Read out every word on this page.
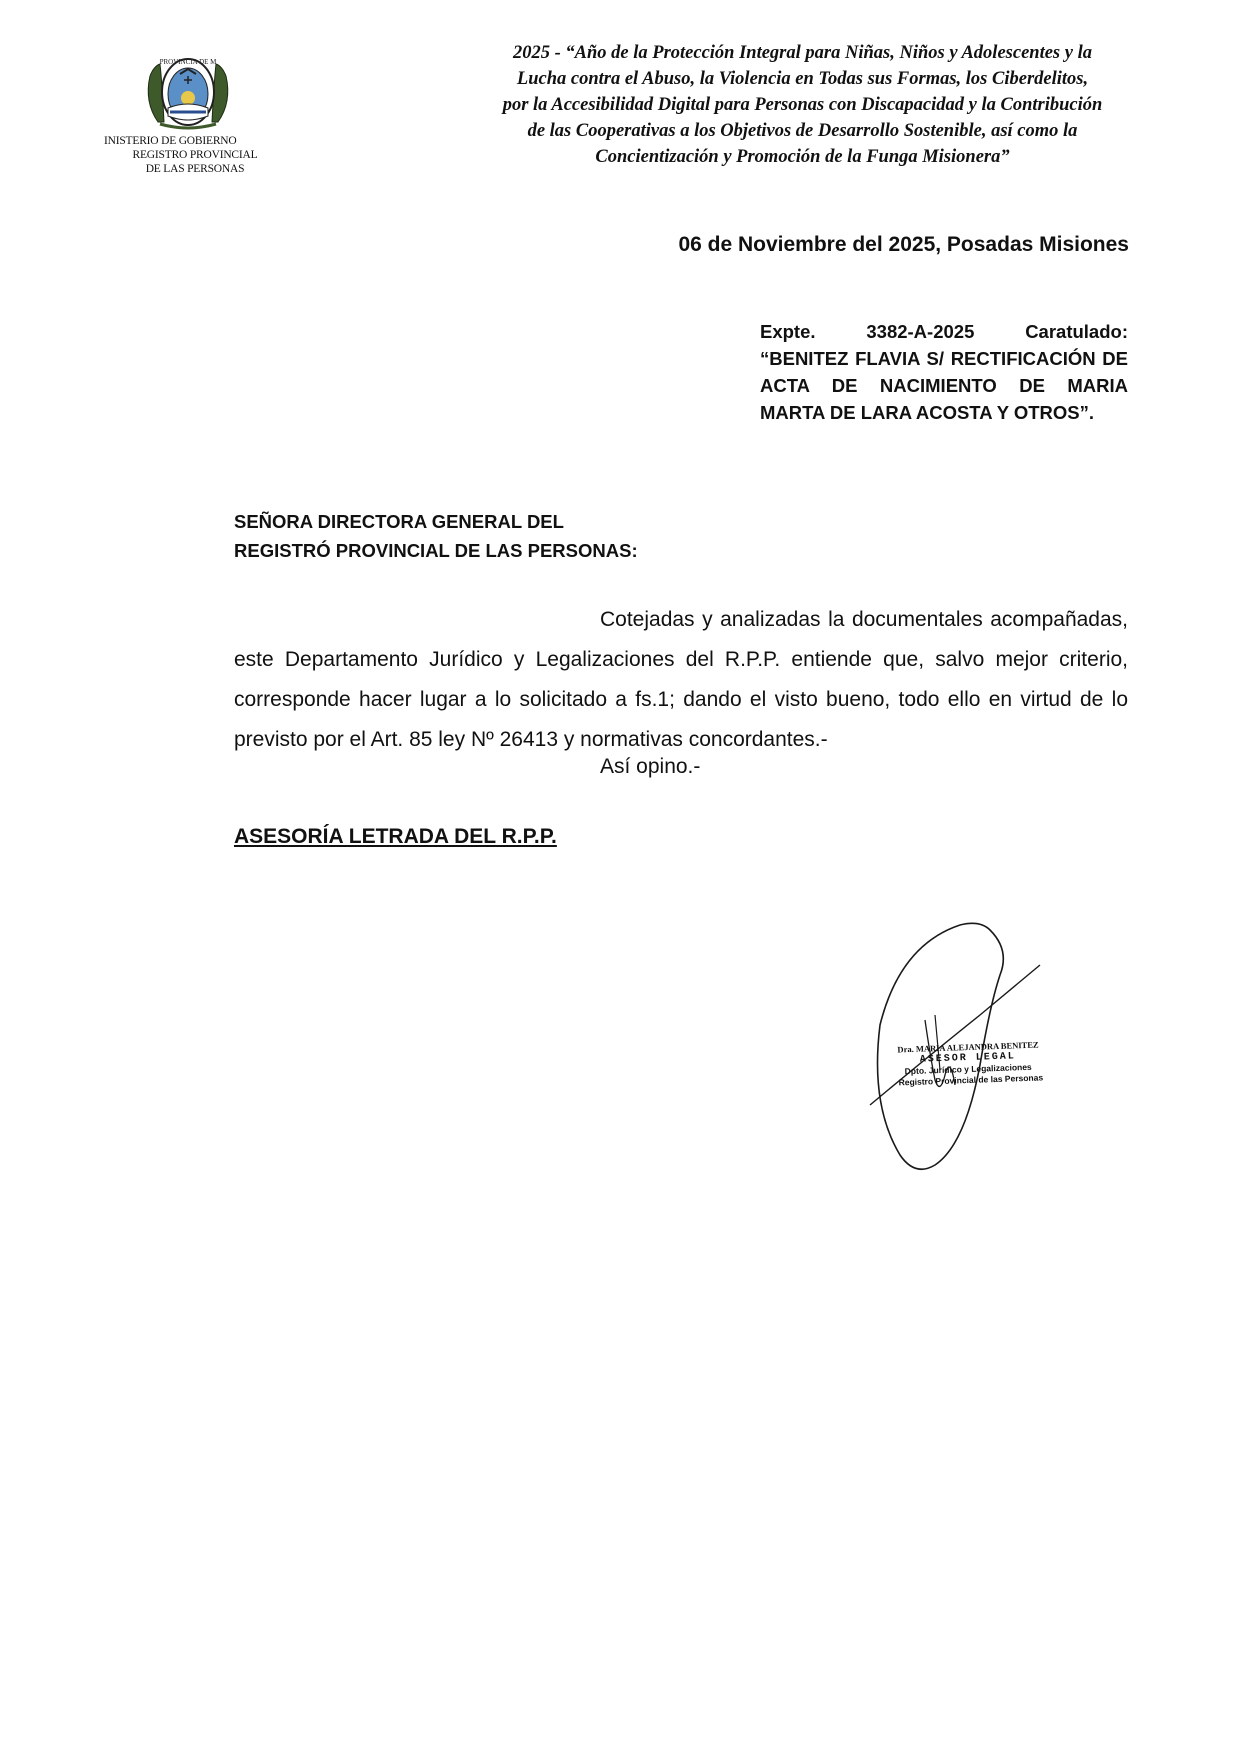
PROVINCIA DE M
INISTERIO DE GOBIERNO
REGISTRO PROVINCIAL
DE LAS PERSONAS
2025 - “Año de la Protección Integral para Niñas, Niños y Adolescentes y la
Lucha contra el Abuso, la Violencia en Todas sus Formas, los Ciberdelitos,
por la Accesibilidad Digital para Personas con Discapacidad y la Contribución
de las Cooperativas a los Objetivos de Desarrollo Sostenible, así como la
Concientización y Promoción de la Funga Misionera”
06 de Noviembre del 2025, Posadas Misiones
Expte. 3382-A-2025 Caratulado: “BENITEZ FLAVIA S/ RECTIFICACIÓN DE ACTA DE NACIMIENTO DE MARIA MARTA DE LARA ACOSTA Y OTROS”.
SEÑORA DIRECTORA GENERAL DEL
REGISTRÓ PROVINCIAL DE LAS PERSONAS:
Cotejadas y analizadas la documentales acompañadas, este Departamento Jurídico y Legalizaciones del R.P.P. entiende que, salvo mejor criterio, corresponde hacer lugar a lo solicitado a fs.1; dando el visto bueno, todo ello en virtud de lo previsto por el Art. 85 ley Nº 26413 y normativas concordantes.-
Así opino.-
ASESORÍA LETRADA DEL R.P.P.
Dra. MARIA ALEJANDRA BENITEZ
ASESOR LEGAL
Dpto. Jurídico y Legalizaciones
Registro Provincial de las Personas
